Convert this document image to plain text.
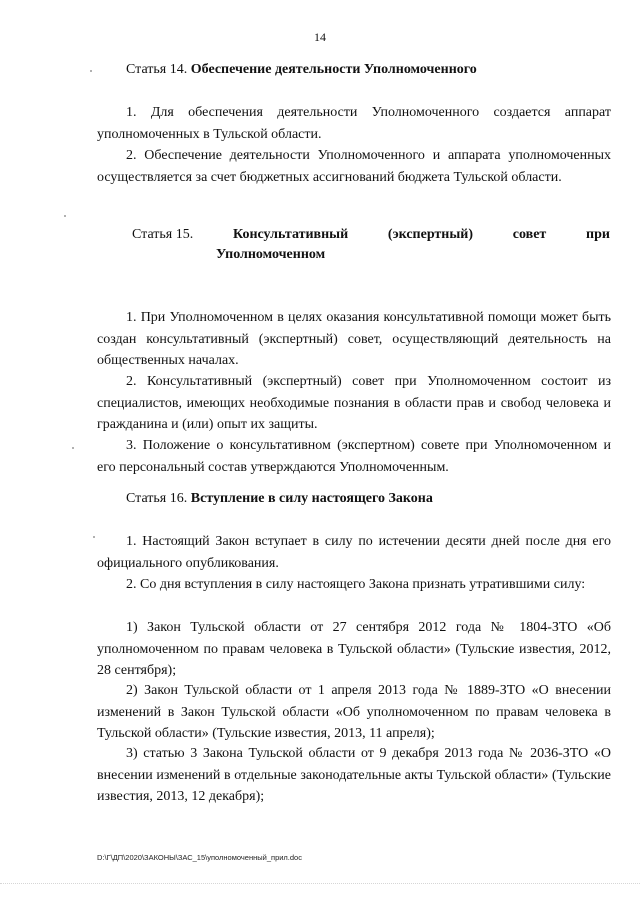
14
Статья 14. Обеспечение деятельности Уполномоченного

1. Для обеспечения деятельности Уполномоченного создается аппарат уполномоченных в Тульской области.

2. Обеспечение деятельности Уполномоченного и аппарата уполномоченных осуществляется за счет бюджетных ассигнований бюджета Тульской области.

Статья 15.	Консультативный	(экспертный)	совет	при
Уполномоченном

1. При Уполномоченном в целях оказания консультативной помощи может быть создан консультативный (экспертный) совет, осуществляющий деятельность на общественных началах.

2. Консультативный (экспертный) совет при Уполномоченном состоит из специалистов, имеющих необходимые познания в области прав и свобод человека и гражданина и (или) опыт их защиты.

3. Положение о консультативном (экспертном) совете при Уполномоченном и его персональный состав утверждаются Уполномоченным.

Статья 16. Вступление в силу настоящего Закона

1. Настоящий Закон вступает в силу по истечении десяти дней после дня его официального опубликования.

2. Со дня вступления в силу настоящего Закона признать утратившими силу:

1) Закон Тульской области от 27 сентября 2012 года № 1804-ЗТО «Об уполномоченном по правам человека в Тульской области» (Тульские известия, 2012, 28 сентября);

2) Закон Тульской области от 1 апреля 2013 года № 1889-ЗТО «О внесении изменений в Закон Тульской области «Об уполномоченном по правам человека в Тульской области» (Тульские известия, 2013, 11 апреля);

3) статью 3 Закона Тульской области от 9 декабря 2013 года № 2036-ЗТО «О внесении изменений в отдельные законодательные акты Тульской области» (Тульские известия, 2013, 12 декабря);

D:\Г\ДП\2020\ЗАКОНЫ\ЗАС_15\уполномоченный_прил.doc
